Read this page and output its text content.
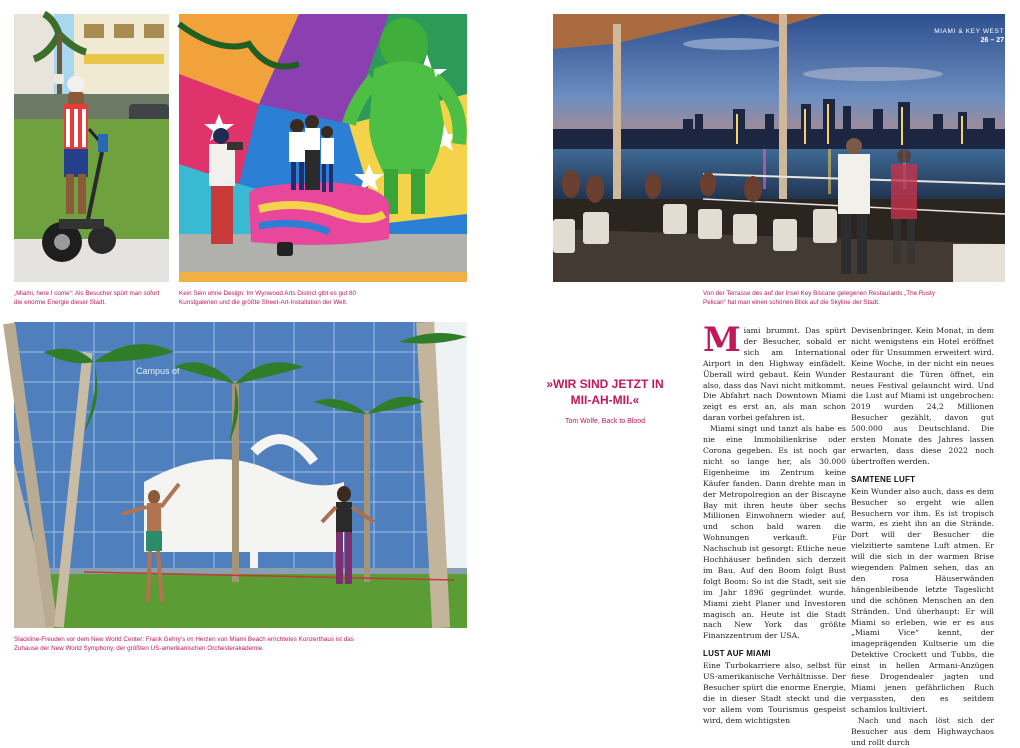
MIAMI & KEY WEST
26 – 27
Campus of
„Miami, here I come“: Als Besucher spürt man sofort die enorme Energie dieser Stadt.
Kein Sein ohne Design: Im Wynwood Arts District gibt es gut 80 Kunstgalerien und die größte Street-Art-Installation der Welt.
Von der Terrasse des auf der Insel Key Biscane gelegenen Restaurants „The Rusty Pelican“ hat man einen schönen Blick auf die Skyline der Stadt.
Slackline-Freuden vor dem New World Center: Frank Gehry’s im Herzen von Miami Beach errichtetes Konzerthaus ist das Zuhause der New World Symphony, der größten US-amerikanischen Orchesterakademie.
»WIR SIND JETZT IN MII-AH-MII.«
Tom Wolfe, Back to Blood

Miami brummt. Das spürt der Besucher, sobald er sich am International Airport in den Highway einfädelt. Überall wird gebaut. Kein Wunder also, dass das Navi nicht mitkommt. Die Abfahrt nach Downtown Miami zeigt es erst an, als man schon daran vorbei gefahren ist.

Miami singt und tanzt als habe es nie eine Immobilienkrise oder Corona gegeben. Es ist noch gar nicht so lange her, als 30.000 Eigenheime im Zentrum keine Käufer fanden. Dann drehte man in der Metropolregion an der Biscayne Bay mit ihren heute über sechs Millionen Einwohnern wieder auf, und schon bald waren die Wohnungen verkauft. Für Nachschub ist gesorgt: Etliche neue Hochhäuser befinden sich derzeit im Bau. Auf den Boom folgt Bust folgt Boom: So ist die Stadt, seit sie im Jahr 1896 gegründet wurde. Miami zieht Planer und Investoren magisch an. Heute ist die Stadt nach New York das größte Finanzzentrum der USA.

LUST AUF MIAMI

Eine Turbokarriere also, selbst für US-amerikanische Verhältnisse. Der Besucher spürt die enorme Energie, die in dieser Stadt steckt und die vor allem vom Tourismus gespeist wird, dem wichtigsten

Devisenbringer. Kein Monat, in dem nicht wenigstens ein Hotel eröffnet oder für Unsummen erweitert wird. Keine Woche, in der nicht ein neues Restaurant die Türen öffnet, ein neues Festival gelauncht wird. Und die Lust auf Miami ist ungebrochen: 2019 wurden 24,2 Millionen Besucher gezählt, davon gut 500.000 aus Deutschland. Die ersten Monate des Jahres lassen erwarten, dass diese 2022 noch übertroffen werden.

SAMTENE LUFT

Kein Wunder also auch, dass es dem Besucher so ergeht wie allen Besuchern vor ihm. Es ist tropisch warm, es zieht ihn an die Strände. Dort will der Besucher die vielzitierte samtene Luft atmen. Er will die sich in der warmen Brise wiegenden Palmen sehen, das an den rosa Häuserwänden hängenbleibende letzte Tageslicht und die schönen Menschen an den Stränden. Und überhaupt: Er will Miami so erleben, wie er es aus „Miami Vice“ kennt, der imageprägenden Kultserie um die Detektive Crockett und Tubbs, die einst in hellen Armani-Anzügen fiese Drogendealer jagten und Miami jenen gefährlichen Ruch verpassten, den es seitdem schamlos kultiviert.

Nach und nach löst sich der Besucher aus dem Highwaychaos und rollt durch
